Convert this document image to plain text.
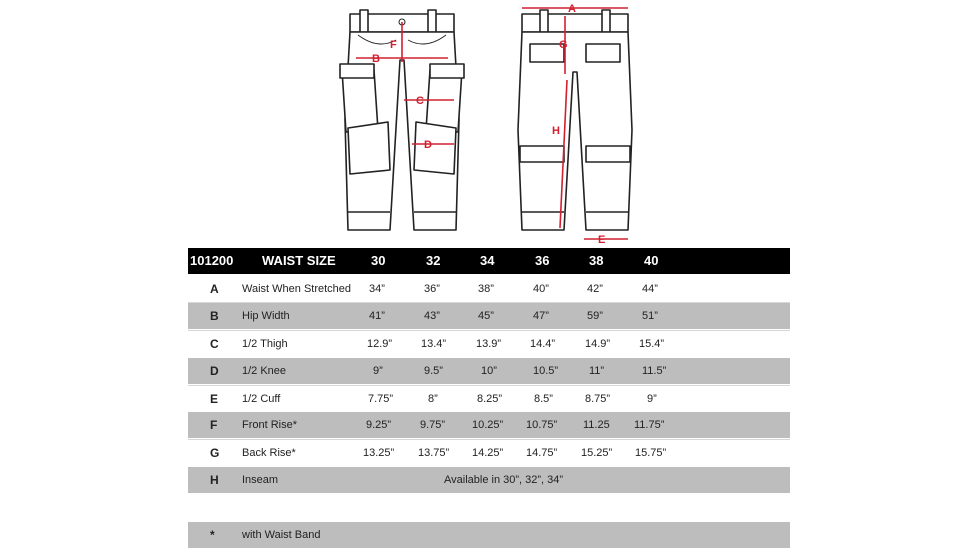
B
F
C
D
A
G
H
E
101200 WAIST SIZE	30	32	34	36	38	40
A Waist When Stretched 34”	36”	38”	40”	42”	44”
B Hip Width	41”	43”	45”	47”	59”	51”
C 1/2 Thigh	12.9”	13.4”	13.9”	14.4”	14.9”	15.4”
D 1/2 Knee	9”	9.5”	10”	10.5”	11”	11.5”
E 1/2 Cuff	7.75”	8”	8.25”	8.5”	8.75”	9”
F Front Rise*	9.25”	9.75” 10.25” 10.75” 11.25 11.75”
G Back Rise*	13.25” 13.75” 14.25” 14.75” 15.25” 15.75”
H Inseam	Available in 30”, 32”, 34”
* with Waist Band
